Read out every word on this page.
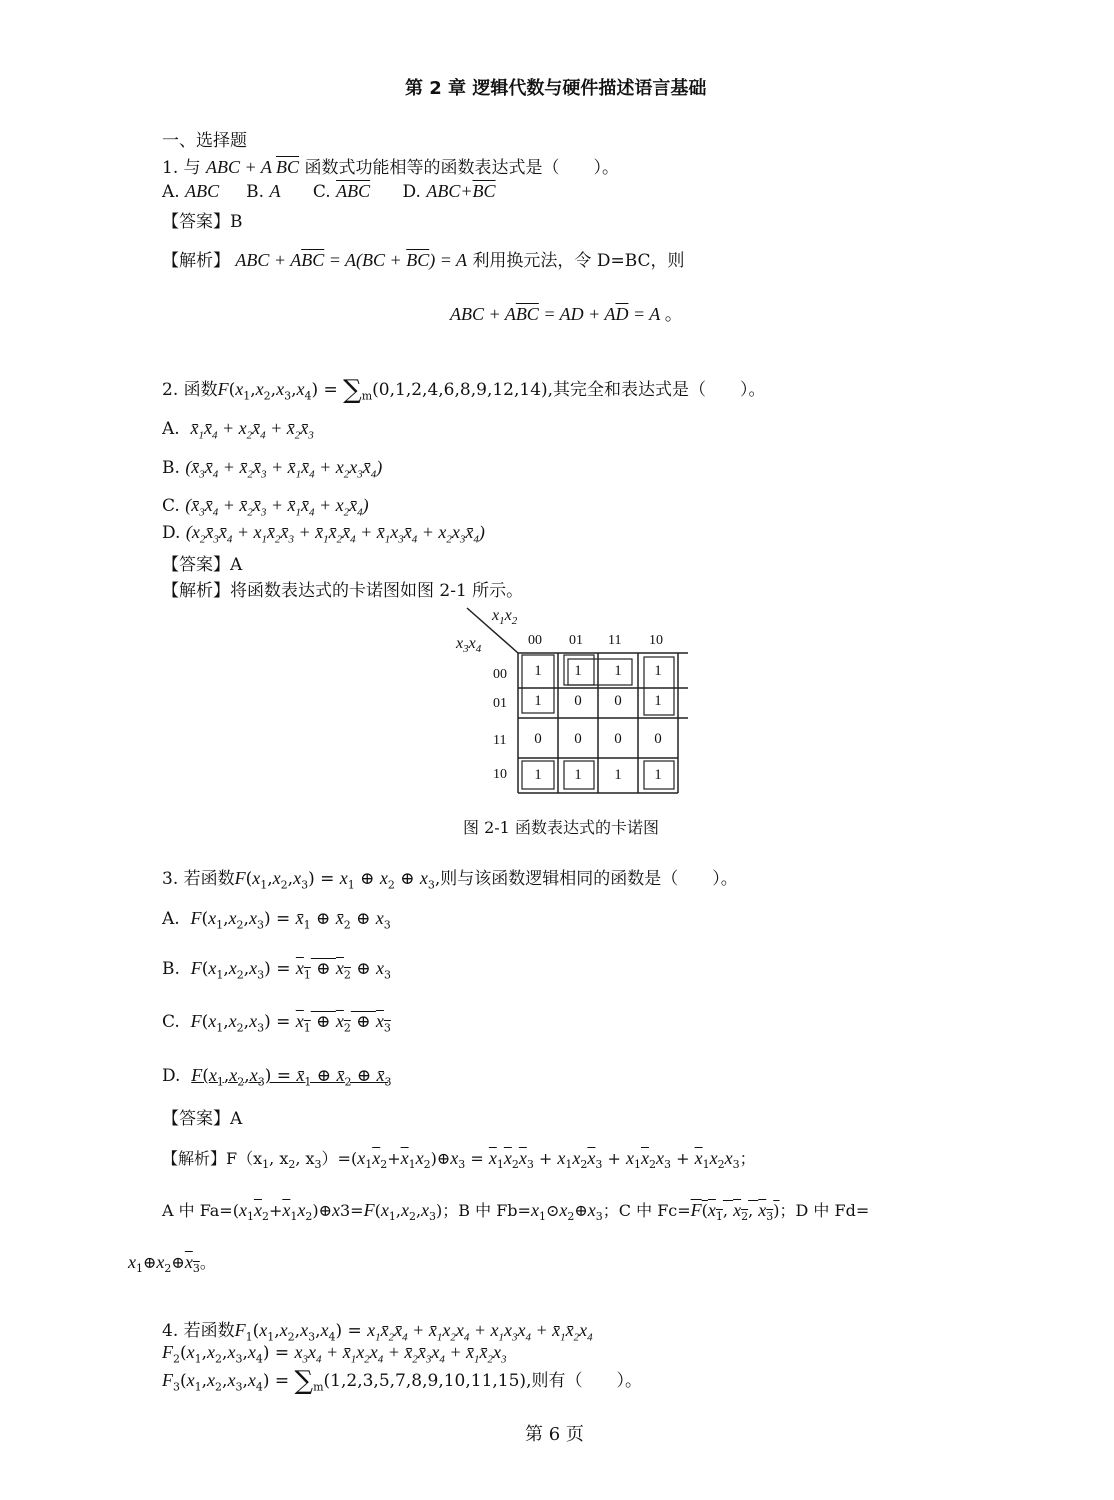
第 2 章 逻辑代数与硬件描述语言基础
一、选择题
1. 与 ABC + A $\overline{BC}$ 函数式功能相等的函数表达式是（　　）。
A. ABC B. A C. $\overline{ABC}$ D. $ABC+\overline{BC}$
【答案】B
【解析】 ABC + $A\overline{BC} = A(BC + \overline{BC}) = A$ 利用换元法，令 D=BC，则
ABC + $A\overline{BC}$ = AD + $A\overline{D} = A$ 。
2. 函数$F(x_1,x_2,x_3,x_4) = \sum_m(0,1,2,4,6,8,9,12,14)$,其完全和表达式是（　　）。
A.  $x̄_1x̄_4$ + $x_2x̄_4$ + $x̄_2x̄_3$
B. ($x̄_3x̄_4$ + $x̄_2x̄_3$ + $x̄_1x̄_4$ + $x_2x_3x̄_4$)
C. ($x̄_3x̄_4$ + $x̄_2x̄_3$ + $x̄_1x̄_4$ + $x_2x̄_4$)
D. ($x_2x̄_3x̄_4$ + $x_1x̄_2x̄_3$ + $x̄_1x̄_2x̄_4$ + $x̄_1x_3x̄_4$ + $x_2x_3x̄_4$)
【答案】A
【解析】将函数表达式的卡诺图如图 2-1 所示。
$x_1x_2$
$x_3x_4$
00 01 11 10
00
01
11
10
1	1	1	1
1	0	0	1
0	0	0	0
1	1	1	1
图 2-1 函数表达式的卡诺图
3. 若函数$F(x_1,x_2,x_3) = x_1$ ⊕ $x_2$ ⊕ $x_3$,则与该函数逻辑相同的函数是（　　）。
A.  $F(x_1,x_2,x_3)$ = $x̄_1$ ⊕ $x̄_2$ ⊕ $x_3$
B.  $F(x_1,x_2,x_3) = x_1$ ⊕ $x_2$ ⊕ $x_3$
C.  $F(x_1,x_2,x_3) = x_1$ ⊕ $x_2$ ⊕ $x_3$
D.  $F(x_1,x_2,x_3)$ = $x̄_1$ ⊕ $x̄_2$ ⊕ $x̄_3$
【答案】A
【解析】$F(x_1$, $x_2$, $x_3)=(x_1\overline{x}_2+\overline{x}_1x_2)\oplus x_3 = \overline{x}_1\overline{x}_2\overline{x}_3 + x_1x_2\overline{x}_3 + x_1\overline{x}_2x_3 + \overline{x}_1x_2x_3$；
A 中 $Fa=(x_1\overline{x}_2+\overline{x}_1x_2)\oplus x3=F(x_1,x_2,x_3)$；B 中 $Fb=x_1⊙x_2\oplus x_3$；C 中 $Fc=F(x_1$, $x_2$, $x_3$)；D 中 Fd=
$x_1\oplus x_2\oplus\overline{x}_3$。
4. 若函数$F_1(x_1,x_2,x_3,x_4)$ = $x_1x̄_2x̄_4$ + $x̄_1x_2x_4 + x_1x_3x_4$ + $x̄_1x̄_2x_4$
$F_2(x_1,x_2,x_3,x_4) = x_3x_4$ + $x̄_1x_2x_4$ + $x̄_2x̄_3x_4$ + $x̄_1x̄_2x_3$
$F_3(x_1,x_2,x_3,x_4) = \sum_m(1,2,3,5,7,8,9,10,11,15)$,则有（　　）。
第 6 页
